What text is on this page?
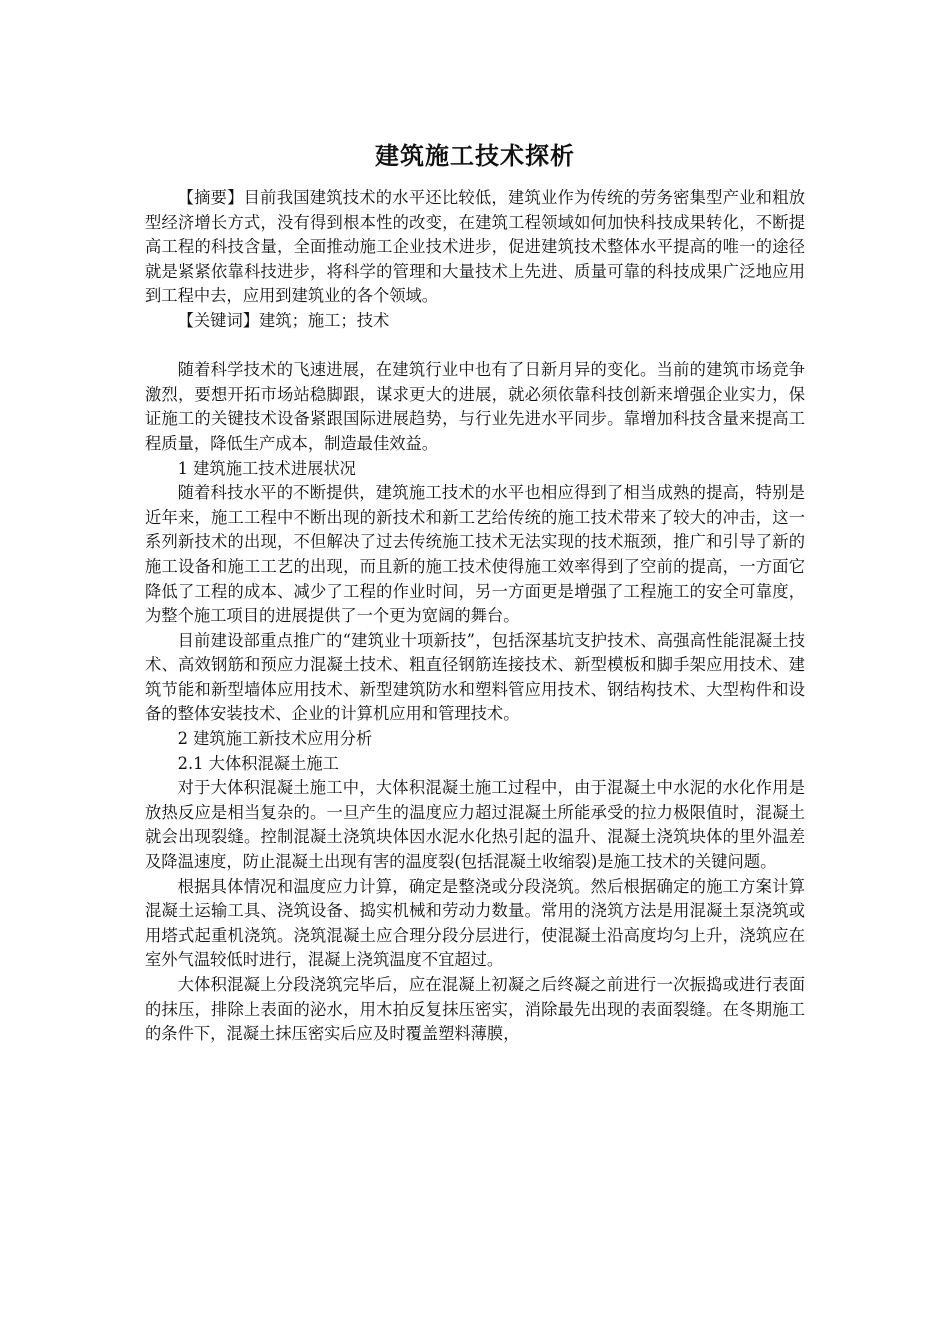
建筑施工技术探析

【摘要】目前我国建筑技术的水平还比较低，建筑业作为传统的劳务密集型产业和粗放型经济增长方式，没有得到根本性的改变，在建筑工程领域如何加快科技成果转化，不断提高工程的科技含量，全面推动施工企业技术进步，促进建筑技术整体水平提高的唯一的途径就是紧紧依靠科技进步，将科学的管理和大量技术上先进、质量可靠的科技成果广泛地应用到工程中去，应用到建筑业的各个领域。

【关键词】建筑；施工；技术

随着科学技术的飞速进展，在建筑行业中也有了日新月异的变化。当前的建筑市场竞争激烈，要想开拓市场站稳脚跟，谋求更大的进展，就必须依靠科技创新来增强企业实力，保证施工的关键技术设备紧跟国际进展趋势，与行业先进水平同步。靠增加科技含量来提高工程质量，降低生产成本，制造最佳效益。

1 建筑施工技术进展状况

随着科技水平的不断提供，建筑施工技术的水平也相应得到了相当成熟的提高，特别是近年来，施工工程中不断出现的新技术和新工艺给传统的施工技术带来了较大的冲击，这一系列新技术的出现，不但解决了过去传统施工技术无法实现的技术瓶颈，推广和引导了新的施工设备和施工工艺的出现，而且新的施工技术使得施工效率得到了空前的提高，一方面它降低了工程的成本、减少了工程的作业时间，另一方面更是增强了工程施工的安全可靠度，为整个施工项目的进展提供了一个更为宽阔的舞台。

目前建设部重点推广的“建筑业十项新技”，包括深基坑支护技术、高强高性能混凝土技术、高效钢筋和预应力混凝土技术、粗直径钢筋连接技术、新型模板和脚手架应用技术、建筑节能和新型墙体应用技术、新型建筑防水和塑料管应用技术、钢结构技术、大型构件和设备的整体安装技术、企业的计算机应用和管理技术。

2 建筑施工新技术应用分析

2.1 大体积混凝土施工

对于大体积混凝土施工中，大体积混凝土施工过程中，由于混凝土中水泥的水化作用是放热反应是相当复杂的。一旦产生的温度应力超过混凝土所能承受的拉力极限值时，混凝土就会出现裂缝。控制混凝土浇筑块体因水泥水化热引起的温升、混凝土浇筑块体的里外温差及降温速度，防止混凝土出现有害的温度裂(包括混凝土收缩裂)是施工技术的关键问题。

根据具体情况和温度应力计算，确定是整浇或分段浇筑。然后根据确定的施工方案计算混凝土运输工具、浇筑设备、捣实机械和劳动力数量。常用的浇筑方法是用混凝土泵浇筑或用塔式起重机浇筑。浇筑混凝土应合理分段分层进行，使混凝土沿高度均匀上升，浇筑应在室外气温较低时进行，混凝上浇筑温度不宜超过。

大体积混凝上分段浇筑完毕后，应在混凝上初凝之后终凝之前进行一次振捣或进行表面的抹压，排除上表面的泌水，用木拍反复抹压密实，消除最先出现的表面裂缝。在冬期施工的条件下，混凝土抹压密实后应及时覆盖塑料薄膜，
